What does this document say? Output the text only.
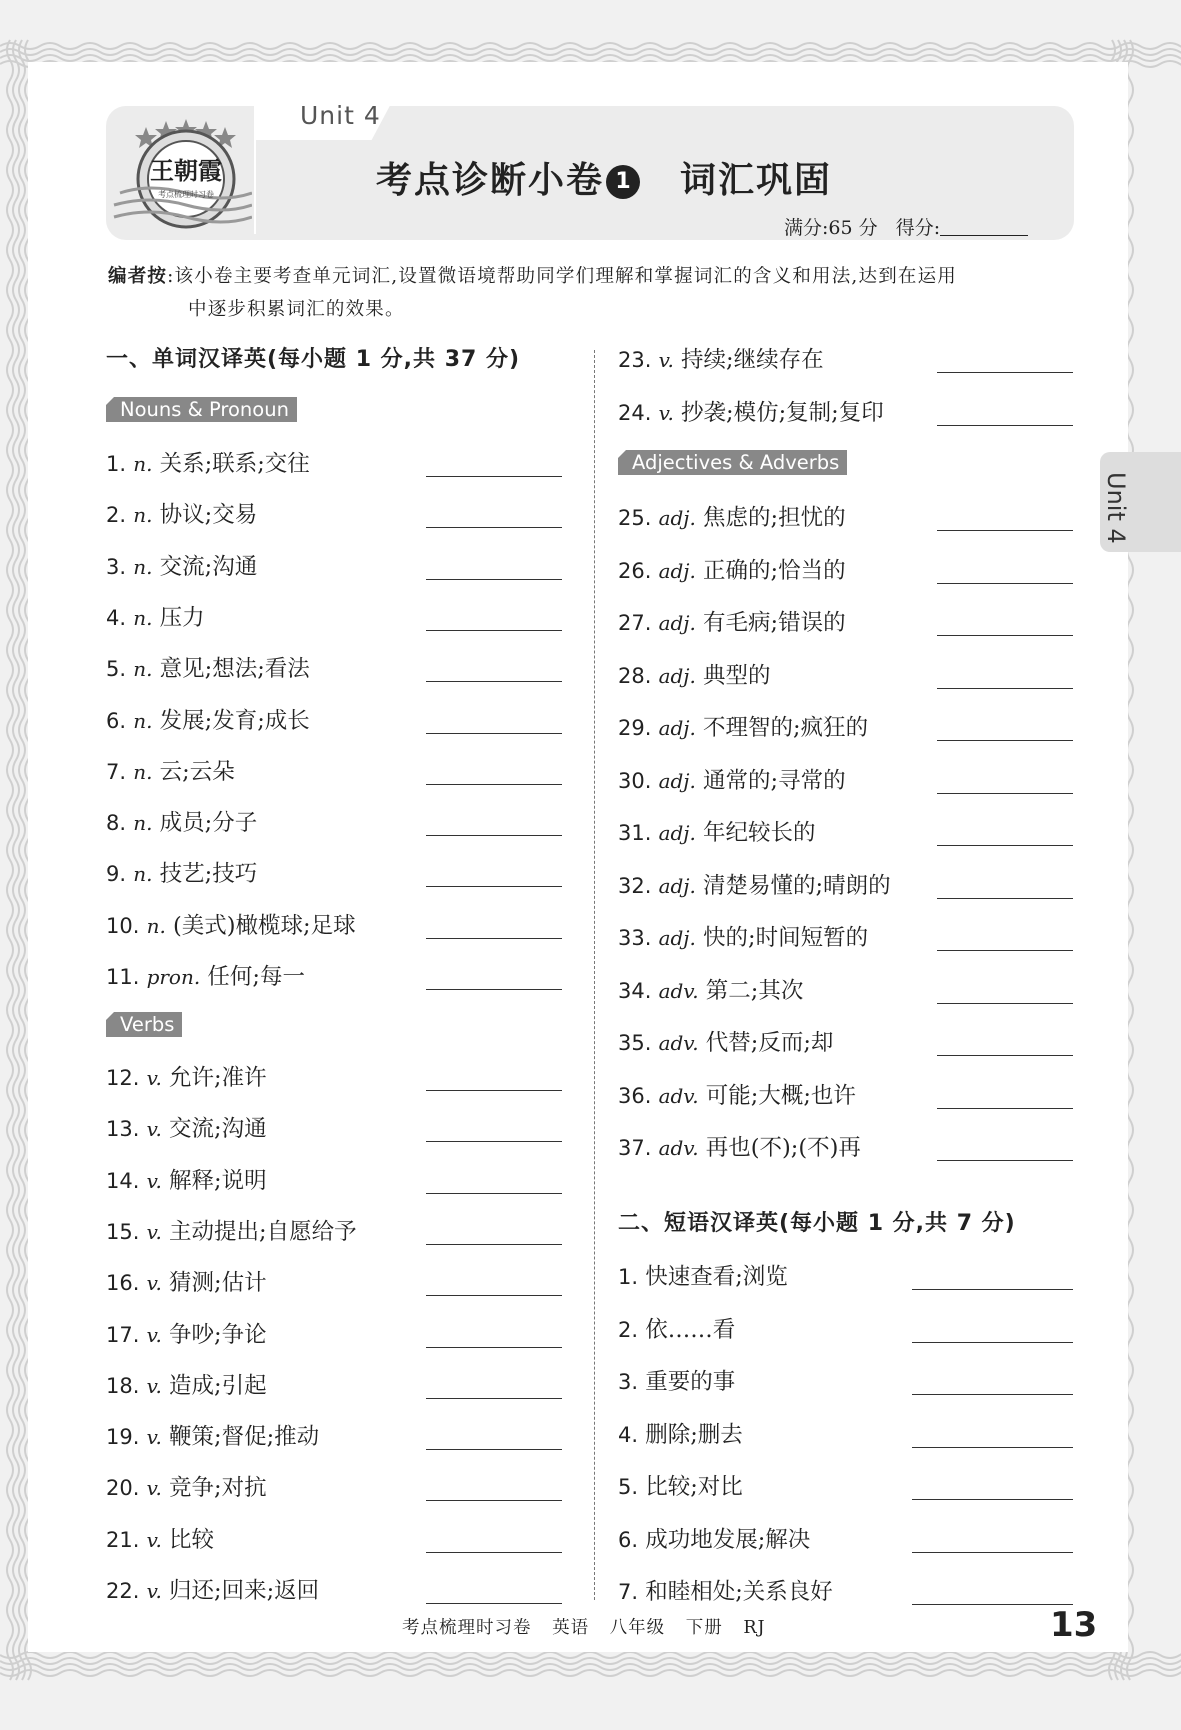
Unit 4
王朝霞
考点梳理时习卷	考点诊断小卷 1 词汇巩固
满分:65 分 得分:
编者按:该小卷主要考查单元词汇,设置微语境帮助同学们理解和掌握词汇的含义和用法,达到在运用
中逐步积累词汇的效果。
一、单词汉译英(每小题 1 分,共 37 分)
Nouns & Pronoun
1. n. 关系;联系;交往
2. n. 协议;交易
3. n. 交流;沟通
4. n. 压力
5. n. 意见;想法;看法
6. n. 发展;发育;成长
7. n. 云;云朵
8. n. 成员;分子
9. n. 技艺;技巧
10. n. (美式)橄榄球;足球
11. pron. 任何;每一
Verbs
12. v. 允许;准许
13. v. 交流;沟通
14. v. 解释;说明
15. v. 主动提出;自愿给予
16. v. 猜测;估计
17. v. 争吵;争论
18. v. 造成;引起
19. v. 鞭策;督促;推动
20. v. 竞争;对抗
21. v. 比较
22. v. 归还;回来;返回
23. v. 持续;继续存在
24. v. 抄袭;模仿;复制;复印
Adjectives & Adverbs
25. adj. 焦虑的;担忧的
26. adj. 正确的;恰当的
27. adj. 有毛病;错误的
28. adj. 典型的
29. adj. 不理智的;疯狂的
30. adj. 通常的;寻常的
31. adj. 年纪较长的
32. adj. 清楚易懂的;晴朗的
33. adj. 快的;时间短暂的
34. adv. 第二;其次
35. adv. 代替;反而;却
36. adv. 可能;大概;也许
37. adv. 再也(不);(不)再
二、短语汉译英(每小题 1 分,共 7 分)
1. 快速查看;浏览
2. 依……看
3. 重要的事
4. 删除;删去
5. 比较;对比
6. 成功地发展;解决
7. 和睦相处;关系良好
Unit 4
考点梳理时习卷 英语 八年级 下册 RJ	13
